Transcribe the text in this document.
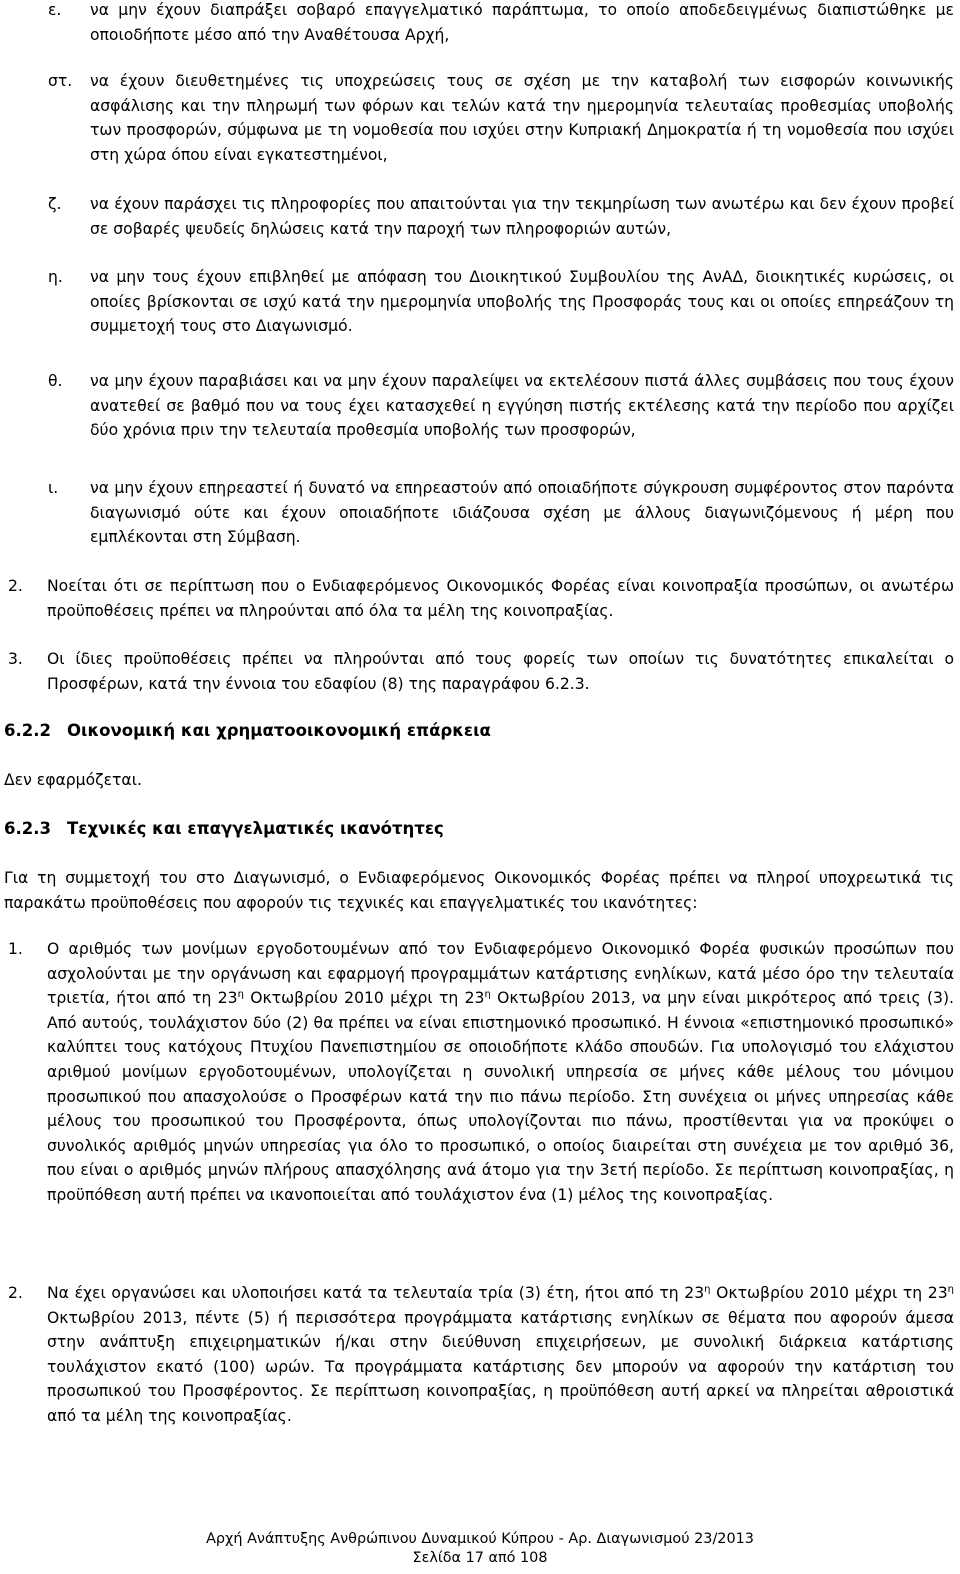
ε. να μην έχουν διαπράξει σοβαρό επαγγελματικό παράπτωμα, το οποίο αποδεδειγμένως διαπιστώθηκε με οποιοδήποτε μέσο από την Αναθέτουσα Αρχή,
στ. να έχουν διευθετημένες τις υποχρεώσεις τους σε σχέση με την καταβολή των εισφορών κοινωνικής ασφάλισης και την πληρωμή των φόρων και τελών κατά την ημερομηνία τελευταίας προθεσμίας υποβολής των προσφορών, σύμφωνα με τη νομοθεσία που ισχύει στην Κυπριακή Δημοκρατία ή τη νομοθεσία που ισχύει στη χώρα όπου είναι εγκατεστημένοι,
ζ. να έχουν παράσχει τις πληροφορίες που απαιτούνται για την τεκμηρίωση των ανωτέρω και δεν έχουν προβεί σε σοβαρές ψευδείς δηλώσεις κατά την παροχή των πληροφοριών αυτών,
η. να μην τους έχουν επιβληθεί με απόφαση του Διοικητικού Συμβουλίου της ΑνΑΔ, διοικητικές κυρώσεις, οι οποίες βρίσκονται σε ισχύ κατά την ημερομηνία υποβολής της Προσφοράς τους και οι οποίες επηρεάζουν τη συμμετοχή τους στο Διαγωνισμό.
θ. να μην έχουν παραβιάσει και να μην έχουν παραλείψει να εκτελέσουν πιστά άλλες συμβάσεις που τους έχουν ανατεθεί σε βαθμό που να τους έχει κατασχεθεί η εγγύηση πιστής εκτέλεσης κατά την περίοδο που αρχίζει δύο χρόνια πριν την τελευταία προθεσμία υποβολής των προσφορών,
ι. να μην έχουν επηρεαστεί ή δυνατό να επηρεαστούν από οποιαδήποτε σύγκρουση συμφέροντος στον παρόντα διαγωνισμό ούτε και έχουν οποιαδήποτε ιδιάζουσα σχέση με άλλους διαγωνιζόμενους ή μέρη που εμπλέκονται στη Σύμβαση.
2. Νοείται ότι σε περίπτωση που ο Ενδιαφερόμενος Οικονομικός Φορέας είναι κοινοπραξία προσώπων, οι ανωτέρω προϋποθέσεις πρέπει να πληρούνται από όλα τα μέλη της κοινοπραξίας.
3. Οι ίδιες προϋποθέσεις πρέπει να πληρούνται από τους φορείς των οποίων τις δυνατότητες επικαλείται ο Προσφέρων, κατά την έννοια του εδαφίου (8) της παραγράφου 6.2.3.
6.2.2 Οικονομική και χρηματοοικονομική επάρκεια
Δεν εφαρμόζεται.
6.2.3 Τεχνικές και επαγγελματικές ικανότητες
Για τη συμμετοχή του στο Διαγωνισμό, ο Ενδιαφερόμενος Οικονομικός Φορέας πρέπει να πληροί υποχρεωτικά τις παρακάτω προϋποθέσεις που αφορούν τις τεχνικές και επαγγελματικές του ικανότητες:
1. Ο αριθμός των μονίμων εργοδοτουμένων από τον Ενδιαφερόμενο Οικονομικό Φορέα φυσικών προσώπων που ασχολούνται με την οργάνωση και εφαρμογή προγραμμάτων κατάρτισης ενηλίκων, κατά μέσο όρο την τελευταία τριετία, ήτοι από τη $23^\eta$ Οκτωβρίου 2010 μέχρι τη $23^\eta$ Οκτωβρίου 2013, να μην είναι μικρότερος από τρεις (3). Από αυτούς, τουλάχιστον δύο (2) θα πρέπει να είναι επιστημονικό προσωπικό. Η έννοια «επιστημονικό προσωπικό» καλύπτει τους κατόχους Πτυχίου Πανεπιστημίου σε οποιοδήποτε κλάδο σπουδών. Για υπολογισμό του ελάχιστου αριθμού μονίμων εργοδοτουμένων, υπολογίζεται η συνολική υπηρεσία σε μήνες κάθε μέλους του μόνιμου προσωπικού που απασχολούσε ο Προσφέρων κατά την πιο πάνω περίοδο. Στη συνέχεια οι μήνες υπηρεσίας κάθε μέλους του προσωπικού του Προσφέροντα, όπως υπολογίζονται πιο πάνω, προστίθενται για να προκύψει ο συνολικός αριθμός μηνών υπηρεσίας για όλο το προσωπικό, ο οποίος διαιρείται στη συνέχεια με τον αριθμό 36, που είναι ο αριθμός μηνών πλήρους απασχόλησης ανά άτομο για την 3ετή περίοδο. Σε περίπτωση κοινοπραξίας, η προϋπόθεση αυτή πρέπει να ικανοποιείται από τουλάχιστον ένα (1) μέλος της κοινοπραξίας.
2. Να έχει οργανώσει και υλοποιήσει κατά τα τελευταία τρία (3) έτη, ήτοι από τη $23^\eta$ Οκτωβρίου 2010 μέχρι τη $23^\eta$ Οκτωβρίου 2013, πέντε (5) ή περισσότερα προγράμματα κατάρτισης ενηλίκων σε θέματα που αφορούν άμεσα στην ανάπτυξη επιχειρηματικών ή/και στην διεύθυνση επιχειρήσεων, με συνολική διάρκεια κατάρτισης τουλάχιστον εκατό (100) ωρών. Τα προγράμματα κατάρτισης δεν μπορούν να αφορούν την κατάρτιση του προσωπικού του Προσφέροντος. Σε περίπτωση κοινοπραξίας, η προϋπόθεση αυτή αρκεί να πληρείται αθροιστικά από τα μέλη της κοινοπραξίας.
Αρχή Ανάπτυξης Ανθρώπινου Δυναμικού Κύπρου - Αρ. Διαγωνισμού 23/2013
Σελίδα 17 από 108
